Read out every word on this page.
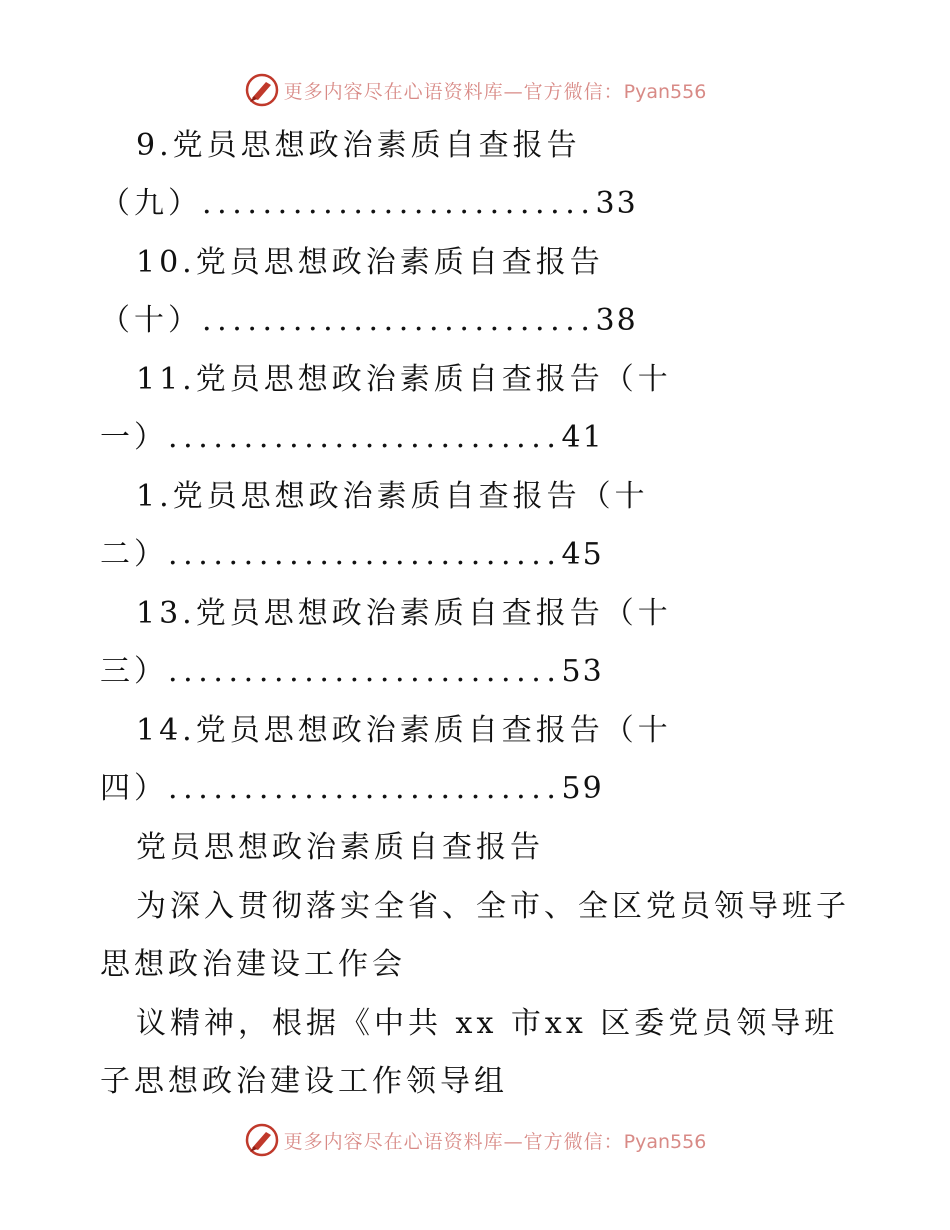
更多内容尽在心语资料库—官方微信：Pyan556
9.党员思想政治素质自查报告
（九） .......................... 33
10.党员思想政治素质自查报告
（十） .......................... 38
11.党员思想政治素质自查报告（十
一） .......................... 41
1.党员思想政治素质自查报告（十
二） .......................... 45
13.党员思想政治素质自查报告（十
三） .......................... 53
14.党员思想政治素质自查报告（十
四） .......................... 59
党员思想政治素质自查报告
为深入贯彻落实全省、全市、全区党员领导班子
思想政治建设工作会
议精神，根据《中共 xx 市xx 区委党员领导班
子思想政治建设工作领导组
更多内容尽在心语资料库—官方微信：Pyan556
